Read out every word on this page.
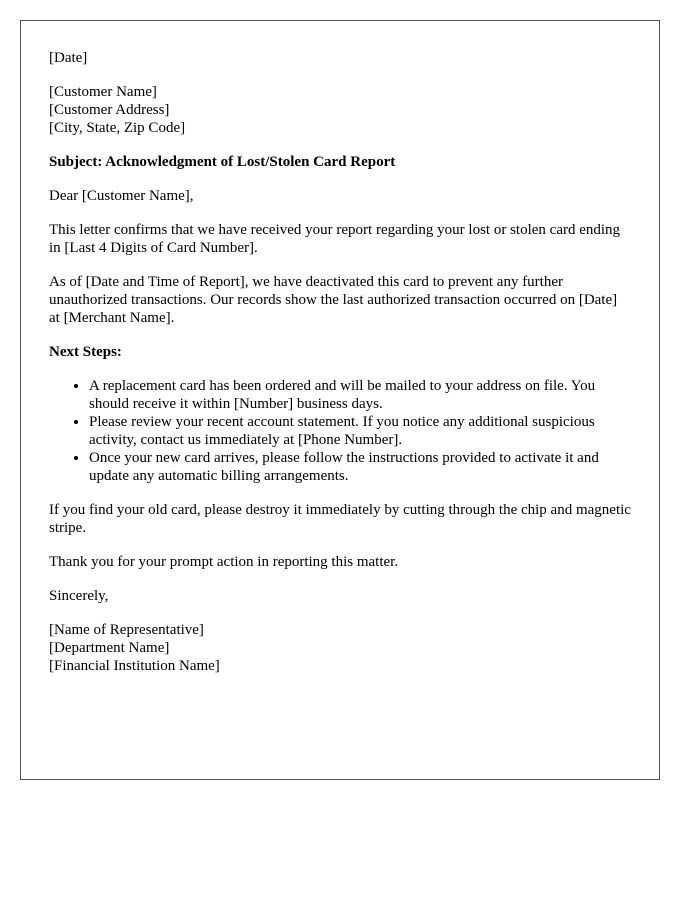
[Date]

[Customer Name]
[Customer Address]
[City, State, Zip Code]

Subject: Acknowledgment of Lost/Stolen Card Report

Dear [Customer Name],

This letter confirms that we have received your report regarding your lost or stolen card ending in [Last 4 Digits of Card Number].

As of [Date and Time of Report], we have deactivated this card to prevent any further unauthorized transactions. Our records show the last authorized transaction occurred on [Date] at [Merchant Name].

Next Steps:

• A replacement card has been ordered and will be mailed to your address on file. You should receive it within [Number] business days.
• Please review your recent account statement. If you notice any additional suspicious activity, contact us immediately at [Phone Number].
• Once your new card arrives, please follow the instructions provided to activate it and update any automatic billing arrangements.

If you find your old card, please destroy it immediately by cutting through the chip and magnetic stripe.

Thank you for your prompt action in reporting this matter.

Sincerely,

[Name of Representative]
[Department Name]
[Financial Institution Name]
